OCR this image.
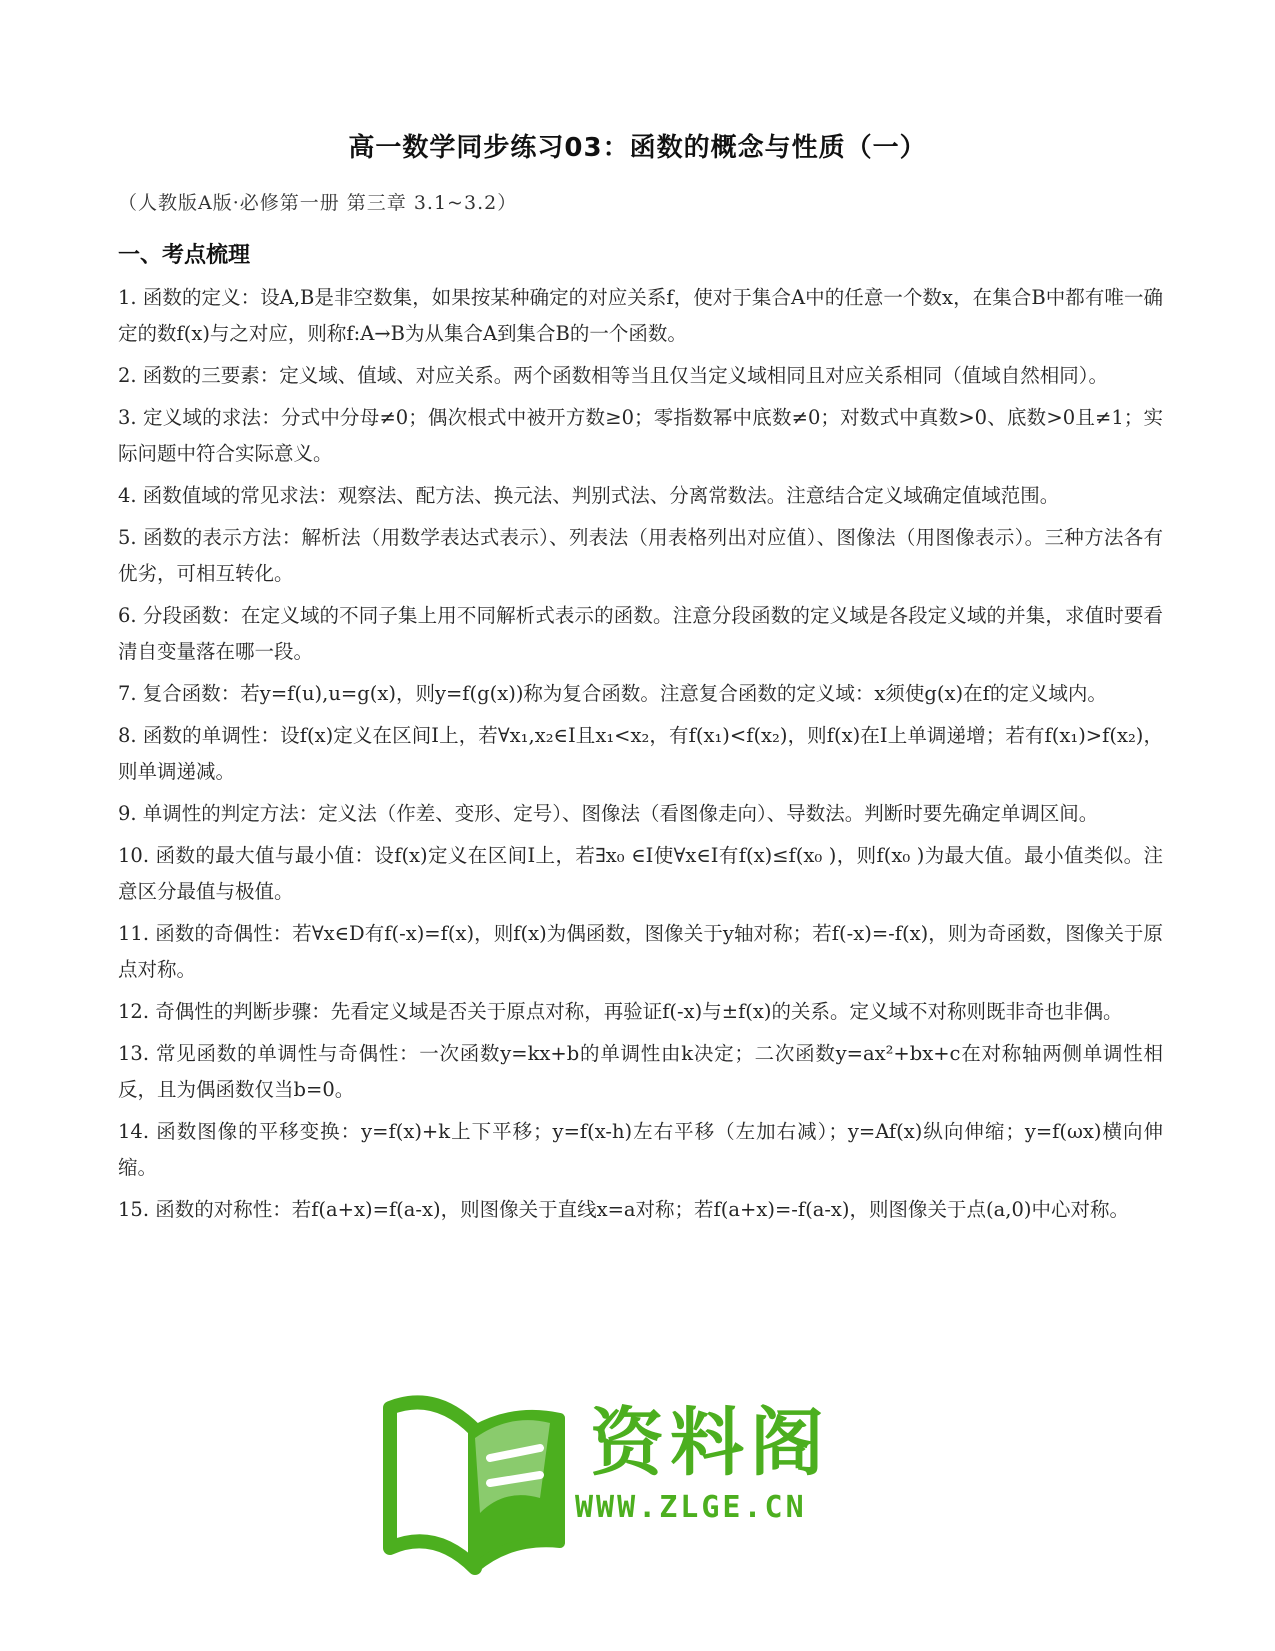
高一数学同步练习03：函数的概念与性质（一）
（人教版A版·必修第一册 第三章 3.1~3.2）
一、考点梳理

1. 函数的定义：设A,B是非空数集，如果按某种确定的对应关系f，使对于集合A中的任意一个数x，在集合B中都有唯一确定的数f(x)与之对应，则称f:A→B为从集合A到集合B的一个函数。

2. 函数的三要素：定义域、值域、对应关系。两个函数相等当且仅当定义域相同且对应关系相同（值域自然相同）。

3. 定义域的求法：分式中分母≠0；偶次根式中被开方数≥0；零指数幂中底数≠0；对数式中真数>0、底数>0且≠1；实际问题中符合实际意义。

4. 函数值域的常见求法：观察法、配方法、换元法、判别式法、分离常数法。注意结合定义域确定值域范围。

5. 函数的表示方法：解析法（用数学表达式表示）、列表法（用表格列出对应值）、图像法（用图像表示）。三种方法各有优劣，可相互转化。

6. 分段函数：在定义域的不同子集上用不同解析式表示的函数。注意分段函数的定义域是各段定义域的并集，求值时要看清自变量落在哪一段。

7. 复合函数：若y=f(u),u=g(x)，则y=f(g(x))称为复合函数。注意复合函数的定义域：x须使g(x)在f的定义域内。

8. 函数的单调性：设f(x)定义在区间I上，若∀x₁,x₂∈I且x₁<x₂，有f(x₁)<f(x₂)，则f(x)在I上单调递增；若有f(x₁)>f(x₂)，则单调递减。

9. 单调性的判定方法：定义法（作差、变形、定号）、图像法（看图像走向）、导数法。判断时要先确定单调区间。

10. 函数的最大值与最小值：设f(x)定义在区间I上，若∃x₀ ∈I使∀x∈I有f(x)≤f(x₀ )，则f(x₀ )为最大值。最小值类似。注意区分最值与极值。

11. 函数的奇偶性：若∀x∈D有f(-x)=f(x)，则f(x)为偶函数，图像关于y轴对称；若f(-x)=-f(x)，则为奇函数，图像关于原点对称。

12. 奇偶性的判断步骤：先看定义域是否关于原点对称，再验证f(-x)与±f(x)的关系。定义域不对称则既非奇也非偶。

13. 常见函数的单调性与奇偶性：一次函数y=kx+b的单调性由k决定；二次函数y=ax²+bx+c在对称轴两侧单调性相反，且为偶函数仅当b=0。

14. 函数图像的平移变换：y=f(x)+k上下平移；y=f(x-h)左右平移（左加右减）；y=Af(x)纵向伸缩；y=f(ωx)横向伸缩。

15. 函数的对称性：若f(a+x)=f(a-x)，则图像关于直线x=a对称；若f(a+x)=-f(a-x)，则图像关于点(a,0)中心对称。

资料阁
WWW.ZLGE.CN
